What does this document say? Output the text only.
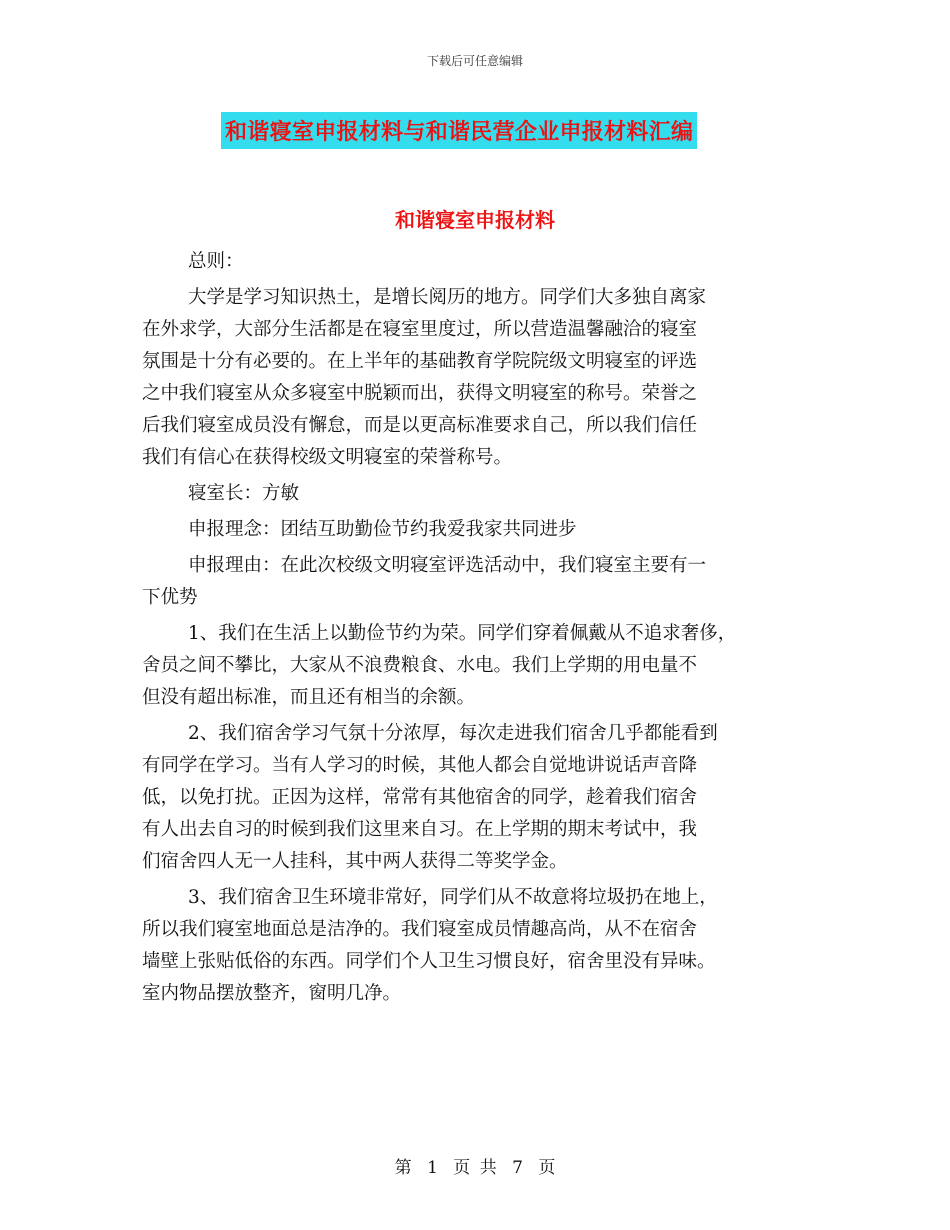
下载后可任意编辑
和谐寝室申报材料与和谐民营企业申报材料汇编
和谐寝室申报材料
总则：
大学是学习知识热土，是增长阅历的地方。同学们大多独自离家
在外求学，大部分生活都是在寝室里度过，所以营造温馨融洽的寝室
氛围是十分有必要的。在上半年的基础教育学院院级文明寝室的评选
之中我们寝室从众多寝室中脱颖而出，获得文明寝室的称号。荣誉之
后我们寝室成员没有懈怠，而是以更高标准要求自己，所以我们信任
我们有信心在获得校级文明寝室的荣誉称号。
寝室长：方敏
申报理念：团结互助勤俭节约我爱我家共同进步
申报理由：在此次校级文明寝室评选活动中，我们寝室主要有一
下优势
1、我们在生活上以勤俭节约为荣。同学们穿着佩戴从不追求奢侈，
舍员之间不攀比，大家从不浪费粮食、水电。我们上学期的用电量不
但没有超出标准，而且还有相当的余额。
2、我们宿舍学习气氛十分浓厚，每次走进我们宿舍几乎都能看到
有同学在学习。当有人学习的时候，其他人都会自觉地讲说话声音降
低，以免打扰。正因为这样，常常有其他宿舍的同学，趁着我们宿舍
有人出去自习的时候到我们这里来自习。在上学期的期末考试中，我
们宿舍四人无一人挂科，其中两人获得二等奖学金。
3、我们宿舍卫生环境非常好，同学们从不故意将垃圾扔在地上，
所以我们寝室地面总是洁净的。我们寝室成员情趣高尚，从不在宿舍
墙壁上张贴低俗的东西。同学们个人卫生习惯良好，宿舍里没有异味。
室内物品摆放整齐，窗明几净。
第 1 页 共 7 页
